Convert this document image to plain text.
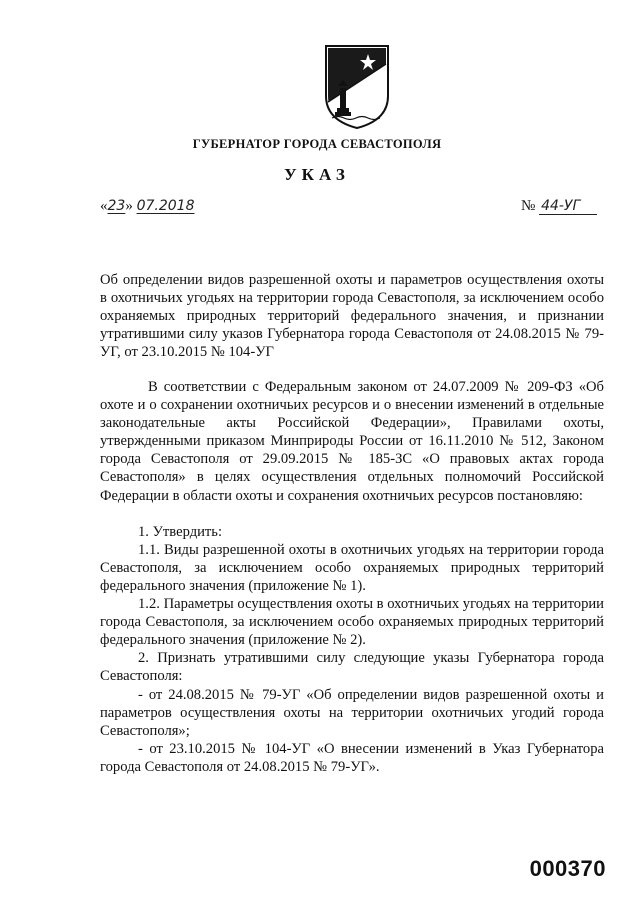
ГУБЕРНАТОР ГОРОДА СЕВАСТОПОЛЯ
УКАЗ
«23» 07.2018	№ 44-УГ
Об определении видов разрешенной охоты и параметров осуществления охоты в охотничьих угодьях на территории города Севастополя, за исключением особо охраняемых природных территорий федерального значения, и признании утратившими силу указов Губернатора города Севастополя от 24.08.2015 № 79-УГ, от 23.10.2015 № 104-УГ

В соответствии с Федеральным законом от 24.07.2009 № 209-ФЗ «Об охоте и о сохранении охотничьих ресурсов и о внесении изменений в отдельные законодательные акты Российской Федерации», Правилами охоты, утвержденными приказом Минприроды России от 16.11.2010 № 512, Законом города Севастополя от 29.09.2015 № 185-ЗС «О правовых актах города Севастополя» в целях осуществления отдельных полномочий Российской Федерации в области охоты и сохранения охотничьих ресурсов постановляю:

1. Утвердить:

1.1. Виды разрешенной охоты в охотничьих угодьях на территории города Севастополя, за исключением особо охраняемых природных территорий федерального значения (приложение № 1).

1.2. Параметры осуществления охоты в охотничьих угодьях на территории города Севастополя, за исключением особо охраняемых природных территорий федерального значения (приложение № 2).

2. Признать утратившими силу следующие указы Губернатора города Севастополя:

- от 24.08.2015 № 79-УГ «Об определении видов разрешенной охоты и параметров осуществления охоты на территории охотничьих угодий города Севастополя»;

- от 23.10.2015 № 104-УГ «О внесении изменений в Указ Губернатора города Севастополя от 24.08.2015 № 79-УГ».

000370
